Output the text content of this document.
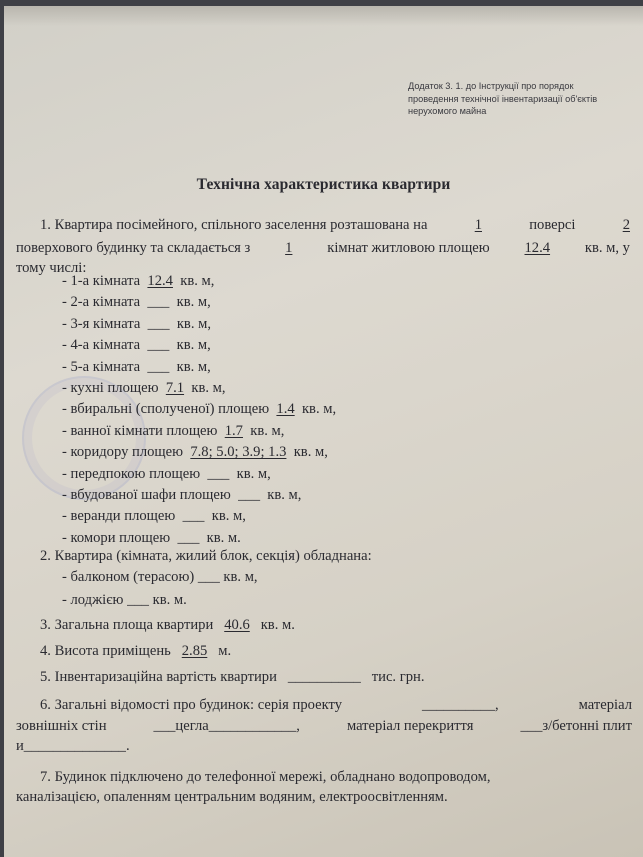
Додаток 3. 1. до Інструкції про порядок
проведення технічної інвентаризації об'єктів
нерухомого майна
Технічна характеристика квартири
1. Квартира посімейного, спільного заселення розташована на	1	поверсі	2
поверхового будинку та складається з 1 кімнат житловою площею 12.4 кв. м, у
тому числі:
- 1-а кімната 12.4 кв. м,
- 2-а кімната ___ кв. м,
- 3-я кімната ___ кв. м,
- 4-а кімната ___ кв. м,
- 5-а кімната ___ кв. м,
- кухні площею 7.1 кв. м,
- вбиральні (сполученої) площею 1.4 кв. м,
- ванної кімнати площею 1.7 кв. м,
- коридору площею 7.8; 5.0; 3.9; 1.3 кв. м,
- передпокою площею ___ кв. м,
- вбудованої шафи площею ___ кв. м,
- веранди площею ___ кв. м,
- комори площею ___ кв. м.
2. Квартира (кімната, жилий блок, секція) обладнана:
- балконом (терасою) ___ кв. м,
- лоджією ___ кв. м.
3. Загальна площа квартири 40.6 кв. м.
4. Висота приміщень 2.85 м.
5. Інвентаризаційна вартість квартири __________ тис. грн.
6. Загальні відомості про будинок: серія проекту	__________,	матеріал
зовнішніх стін	___цегла____________,	матеріал перекриття	___з/бетонні плит
и______________.
7. Будинок підключено до телефонної мережі, обладнано водопроводом,
каналізацією, опаленням центральним водяним, електроосвітленням.
